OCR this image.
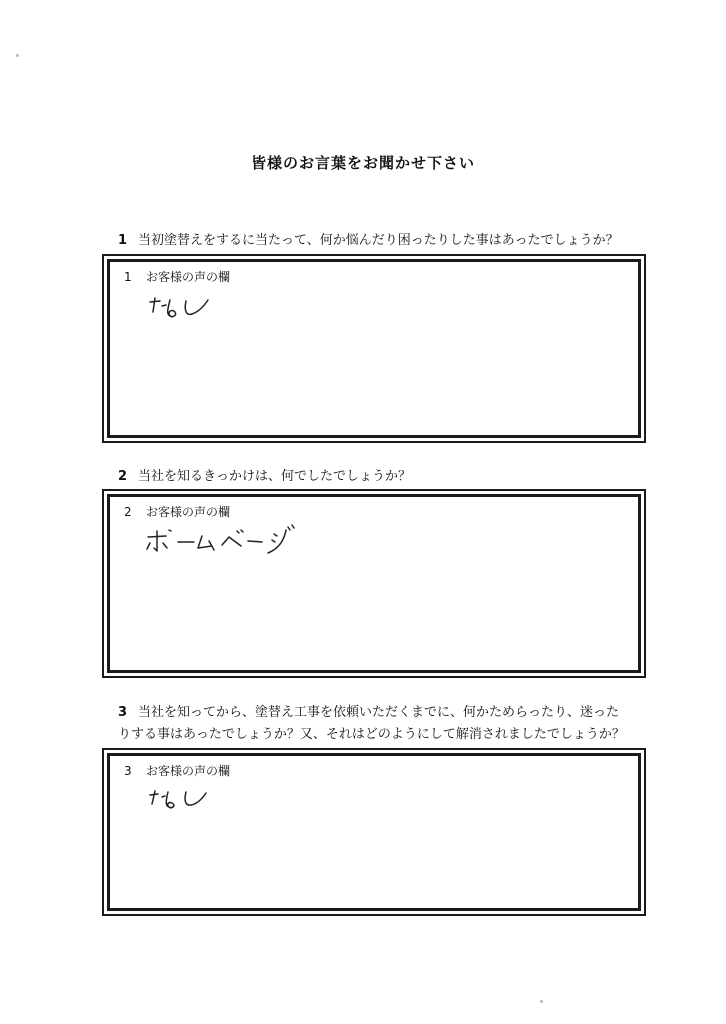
皆様のお言葉をお聞かせ下さい
1 当初塗替えをするに当たって、何か悩んだり困ったりした事はあったでしょうか？
1 お客様の声の欄
2 当社を知るきっかけは、何でしたでしょうか？
2 お客様の声の欄
3 当社を知ってから、塗替え工事を依頼いただくまでに、何かためらったり、迷った
りする事はあったでしょうか？又、それはどのようにして解消されましたでしょうか？
3 お客様の声の欄
